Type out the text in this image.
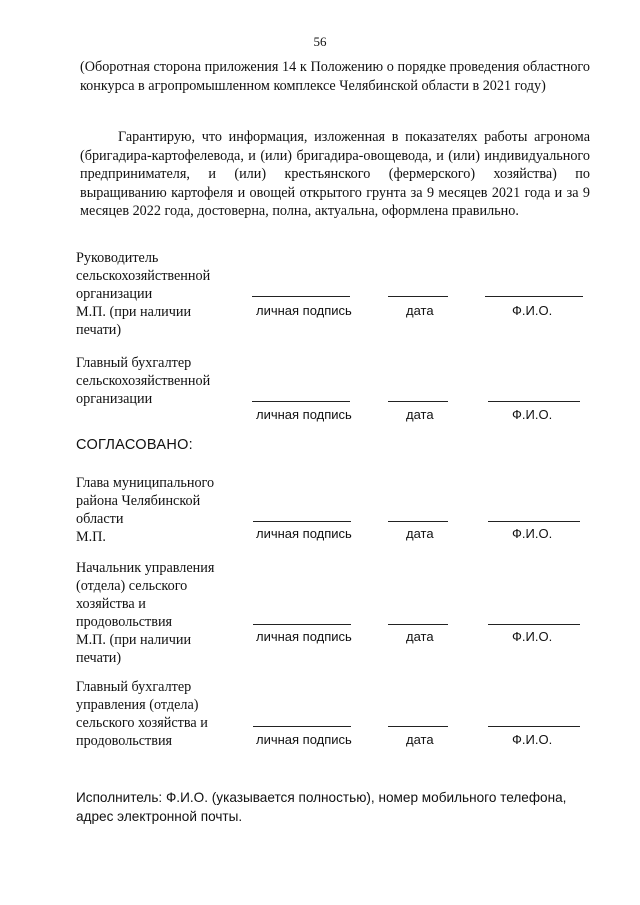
56
(Оборотная сторона приложения 14 к Положению о порядке проведения областного конкурса в агропромышленном комплексе Челябинской области в 2021 году)
Гарантирую, что информация, изложенная в показателях работы агронома (бригадира-картофелевода, и (или) бригадира-овощевода, и (или) индивидуального предпринимателя, и (или) крестьянского (фермерского) хозяйства) по выращиванию картофеля и овощей открытого грунта за 9 месяцев 2021 года и за 9 месяцев 2022 года, достоверна, полна, актуальна, оформлена правильно.
Руководитель
сельскохозяйственной
организации
М.П. (при наличии
печати)
личная подпись	дата	Ф.И.О.
Главный бухгалтер
сельскохозяйственной
организации
личная подпись	дата	Ф.И.О.
СОГЛАСОВАНО:
Глава муниципального
района Челябинской
области
М.П.	личная подпись	дата	Ф.И.О.
Начальник управления
(отдела) сельского
хозяйства и
продовольствия
М.П. (при наличии
печати)
личная подпись	дата	Ф.И.О.
Главный бухгалтер
управления (отдела)
сельского хозяйства и
продовольствия	личная подпись	дата	Ф.И.О.
Исполнитель: Ф.И.О. (указывается полностью), номер мобильного телефона, адрес электронной почты.
